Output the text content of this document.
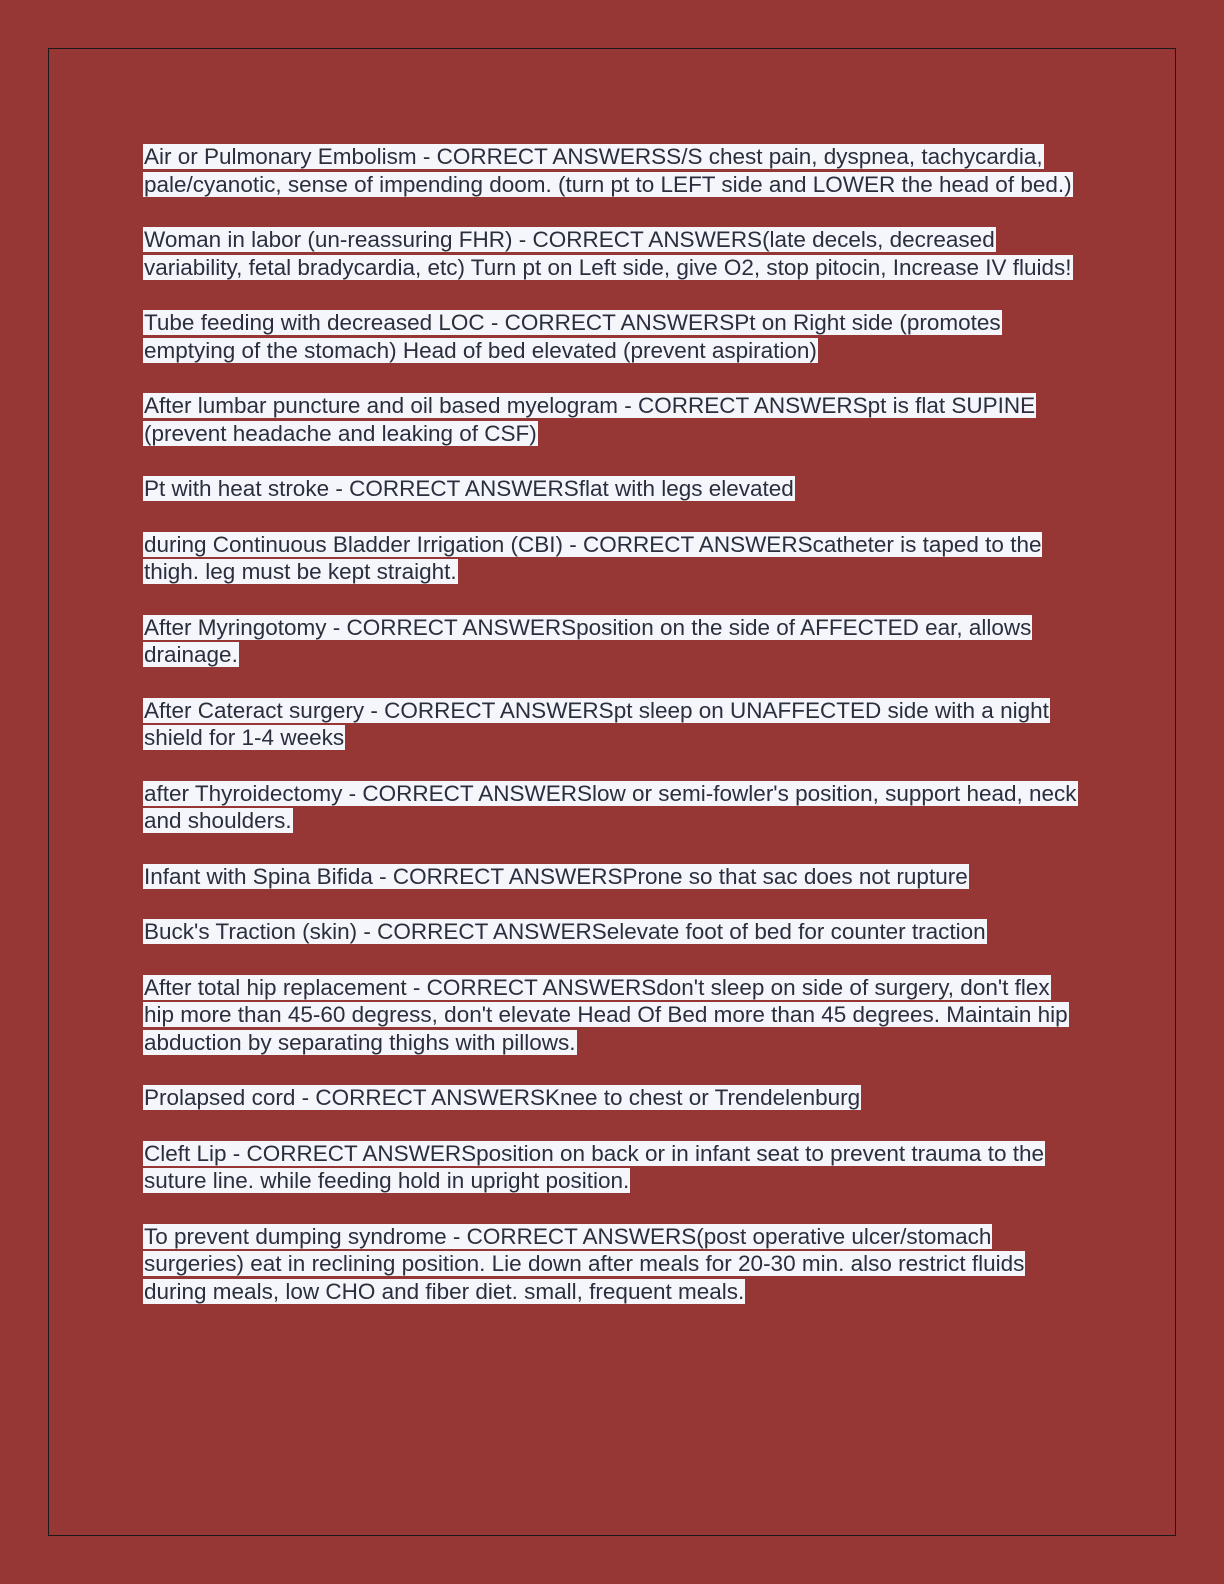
Air or Pulmonary Embolism - CORRECT ANSWERSS/S chest pain, dyspnea, tachycardia, pale/cyanotic, sense of impending doom. (turn pt to LEFT side and LOWER the head of bed.)

Woman in labor (un-reassuring FHR) - CORRECT ANSWERS(late decels, decreased variability, fetal bradycardia, etc) Turn pt on Left side, give O2, stop pitocin, Increase IV fluids!

Tube feeding with decreased LOC - CORRECT ANSWERSPt on Right side (promotes emptying of the stomach) Head of bed elevated (prevent aspiration)

After lumbar puncture and oil based myelogram - CORRECT ANSWERSpt is flat SUPINE (prevent headache and leaking of CSF)

Pt with heat stroke - CORRECT ANSWERSflat with legs elevated

during Continuous Bladder Irrigation (CBI) - CORRECT ANSWERScatheter is taped to the thigh. leg must be kept straight.

After Myringotomy - CORRECT ANSWERSposition on the side of AFFECTED ear, allows drainage.

After Cateract surgery - CORRECT ANSWERSpt sleep on UNAFFECTED side with a night shield for 1-4 weeks

after Thyroidectomy - CORRECT ANSWERSlow or semi-fowler's position, support head, neck and shoulders.

Infant with Spina Bifida - CORRECT ANSWERSProne so that sac does not rupture

Buck's Traction (skin) - CORRECT ANSWERSelevate foot of bed for counter traction

After total hip replacement - CORRECT ANSWERSdon't sleep on side of surgery, don't flex hip more than 45-60 degress, don't elevate Head Of Bed more than 45 degrees. Maintain hip abduction by separating thighs with pillows.

Prolapsed cord - CORRECT ANSWERSKnee to chest or Trendelenburg

Cleft Lip - CORRECT ANSWERSposition on back or in infant seat to prevent trauma to the suture line. while feeding hold in upright position.

To prevent dumping syndrome - CORRECT ANSWERS(post operative ulcer/stomach surgeries) eat in reclining position. Lie down after meals for 20-30 min. also restrict fluids during meals, low CHO and fiber diet. small, frequent meals.
